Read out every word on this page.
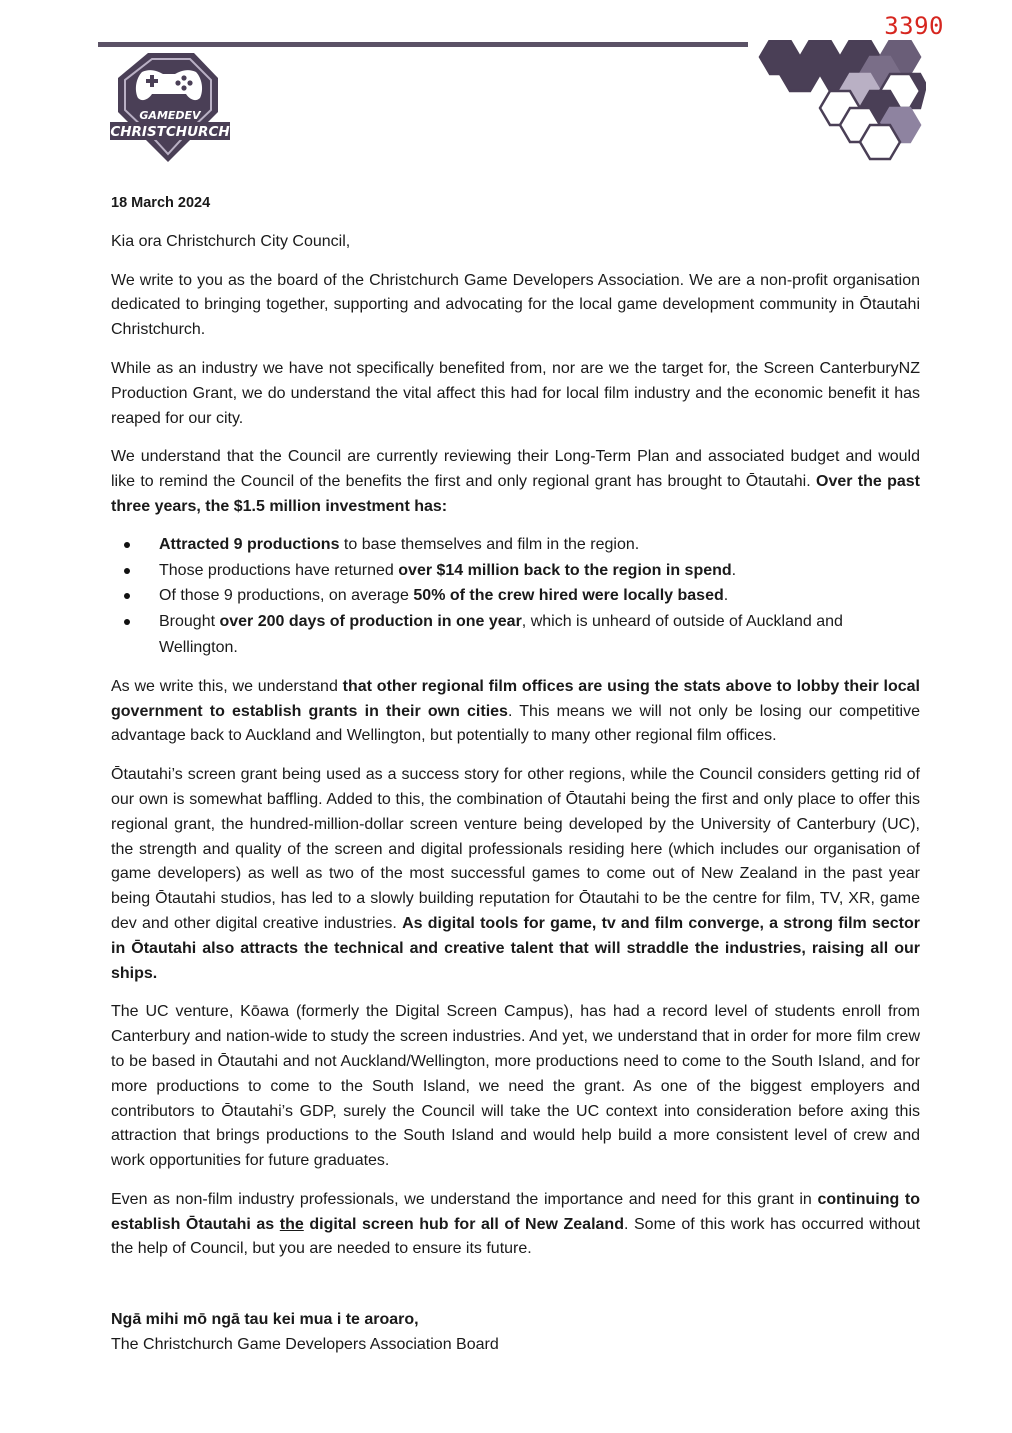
3390
GAMEDEV
CHRISTCHURCH

18 March 2024

Kia ora Christchurch City Council,

We write to you as the board of the Christchurch Game Developers Association. We are a non-profit organisation dedicated to bringing together, supporting and advocating for the local game development community in Ōtautahi Christchurch.

While as an industry we have not specifically benefited from, nor are we the target for, the Screen CanterburyNZ Production Grant, we do understand the vital affect this had for local film industry and the economic benefit it has reaped for our city.

We understand that the Council are currently reviewing their Long-Term Plan and associated budget and would like to remind the Council of the benefits the first and only regional grant has brought to Ōtautahi. Over the past three years, the $1.5 million investment has:

Attracted 9 productions to base themselves and film in the region.
Those productions have returned over $14 million back to the region in spend.
Of those 9 productions, on average 50% of the crew hired were locally based.
Brought over 200 days of production in one year, which is unheard of outside of Auckland and Wellington.

As we write this, we understand that other regional film offices are using the stats above to lobby their local government to establish grants in their own cities. This means we will not only be losing our competitive advantage back to Auckland and Wellington, but potentially to many other regional film offices.

Ōtautahi’s screen grant being used as a success story for other regions, while the Council considers getting rid of our own is somewhat baffling. Added to this, the combination of Ōtautahi being the first and only place to offer this regional grant, the hundred-million-dollar screen venture being developed by the University of Canterbury (UC), the strength and quality of the screen and digital professionals residing here (which includes our organisation of game developers) as well as two of the most successful games to come out of New Zealand in the past year being Ōtautahi studios, has led to a slowly building reputation for Ōtautahi to be the centre for film, TV, XR, game dev and other digital creative industries. As digital tools for game, tv and film converge, a strong film sector in Ōtautahi also attracts the technical and creative talent that will straddle the industries, raising all our ships.

The UC venture, Kōawa (formerly the Digital Screen Campus), has had a record level of students enroll from Canterbury and nation-wide to study the screen industries. And yet, we understand that in order for more film crew to be based in Ōtautahi and not Auckland/Wellington, more productions need to come to the South Island, and for more productions to come to the South Island, we need the grant. As one of the biggest employers and contributors to Ōtautahi’s GDP, surely the Council will take the UC context into consideration before axing this attraction that brings productions to the South Island and would help build a more consistent level of crew and work opportunities for future graduates.

Even as non-film industry professionals, we understand the importance and need for this grant in continuing to establish Ōtautahi as the digital screen hub for all of New Zealand. Some of this work has occurred without the help of Council, but you are needed to ensure its future.

Ngā mihi mō ngā tau kei mua i te aroaro,

The Christchurch Game Developers Association Board
